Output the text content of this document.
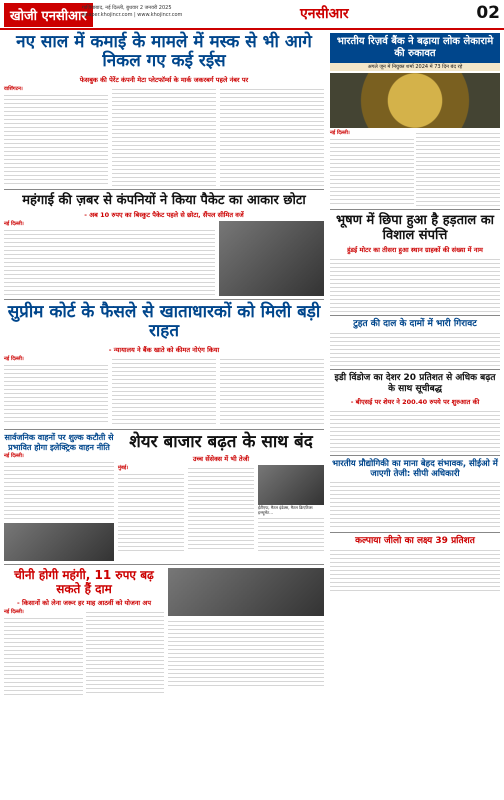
खोजी एनसीआर
गाज़ियाबाद, नई दिल्ली, बुधवार 2 जनवरी 2025
epaper.khojincr.com | www.khojincr.com	एनसीआर	02
नए साल में कमाई के मामले में मस्क से भी आगे निकल गए कई रईस
फेसबुक की पेरेंट कंपनी मेटा प्लेटफॉर्म्स के मार्क जकरबर्ग पहले नंबर पर
वाशिंगटन।
महंगाई की ज़बर से कंपनियों ने किया पैकेट का आकार छोटा
- अब 10 रुपए का बिस्कुट पैकेट पहले से छोटा, सैंपल सीमित वजें
नई दिल्ली।
सुप्रीम कोर्ट के फैसले से खाताधारकों को मिली बड़ी राहत
- न्यायालय ने बैंक खाते को कीमत नोएंग किया
नई दिल्ली।
सार्वजनिक वाहनों पर शुल्क कटौती से प्रभावित होगा इलेक्ट्रिक वाहन नीति
नई दिल्ली।
शेयर बाजार बढ़त के साथ बंद
उच्च सेंसेक्स में भी तेजी
मुंबई।
ईटीएफ, मैटल इंडेक्स, मैटल क्रिएटिव्स इन्स्ट्रुमेंट...
चीनी होगी महंगी, 11 रुपए बढ़ सकते हैं दाम
- किसानों को लेना जरूर हर माह आठवीं को योजना अप
नई दिल्ली।
भारतीय रिज़र्व बैंक ने बढ़ाया लोक लेकारामे की रुकावत
अगले जून में नियुक्त शर्मा 2024 में 73 दिन बंद रहे
नई दिल्ली।
भूषण में छिपा हुआ है हड़ताल का विशाल संपत्ति
हुंडई मोटर का तीसरा हुआ स्थान ग्राहकों की संख्या में नाम
टुहत की दाल के दामों में भारी गिरावट
इडी विंडोज का देशर 20 प्रतिशत से अधिक बढ़त के साथ सूचीबद्ध
- बीएसई पर शेयर ने 200.40 रुपये पर शुरुआत की
भारतीय प्रौद्योगिकी का माना बेहद संभावक, सीईओ में जाएगी तेजी: सीपी अधिकारी
कल्पाया जीलो का लक्ष्य 39 प्रतिशत
